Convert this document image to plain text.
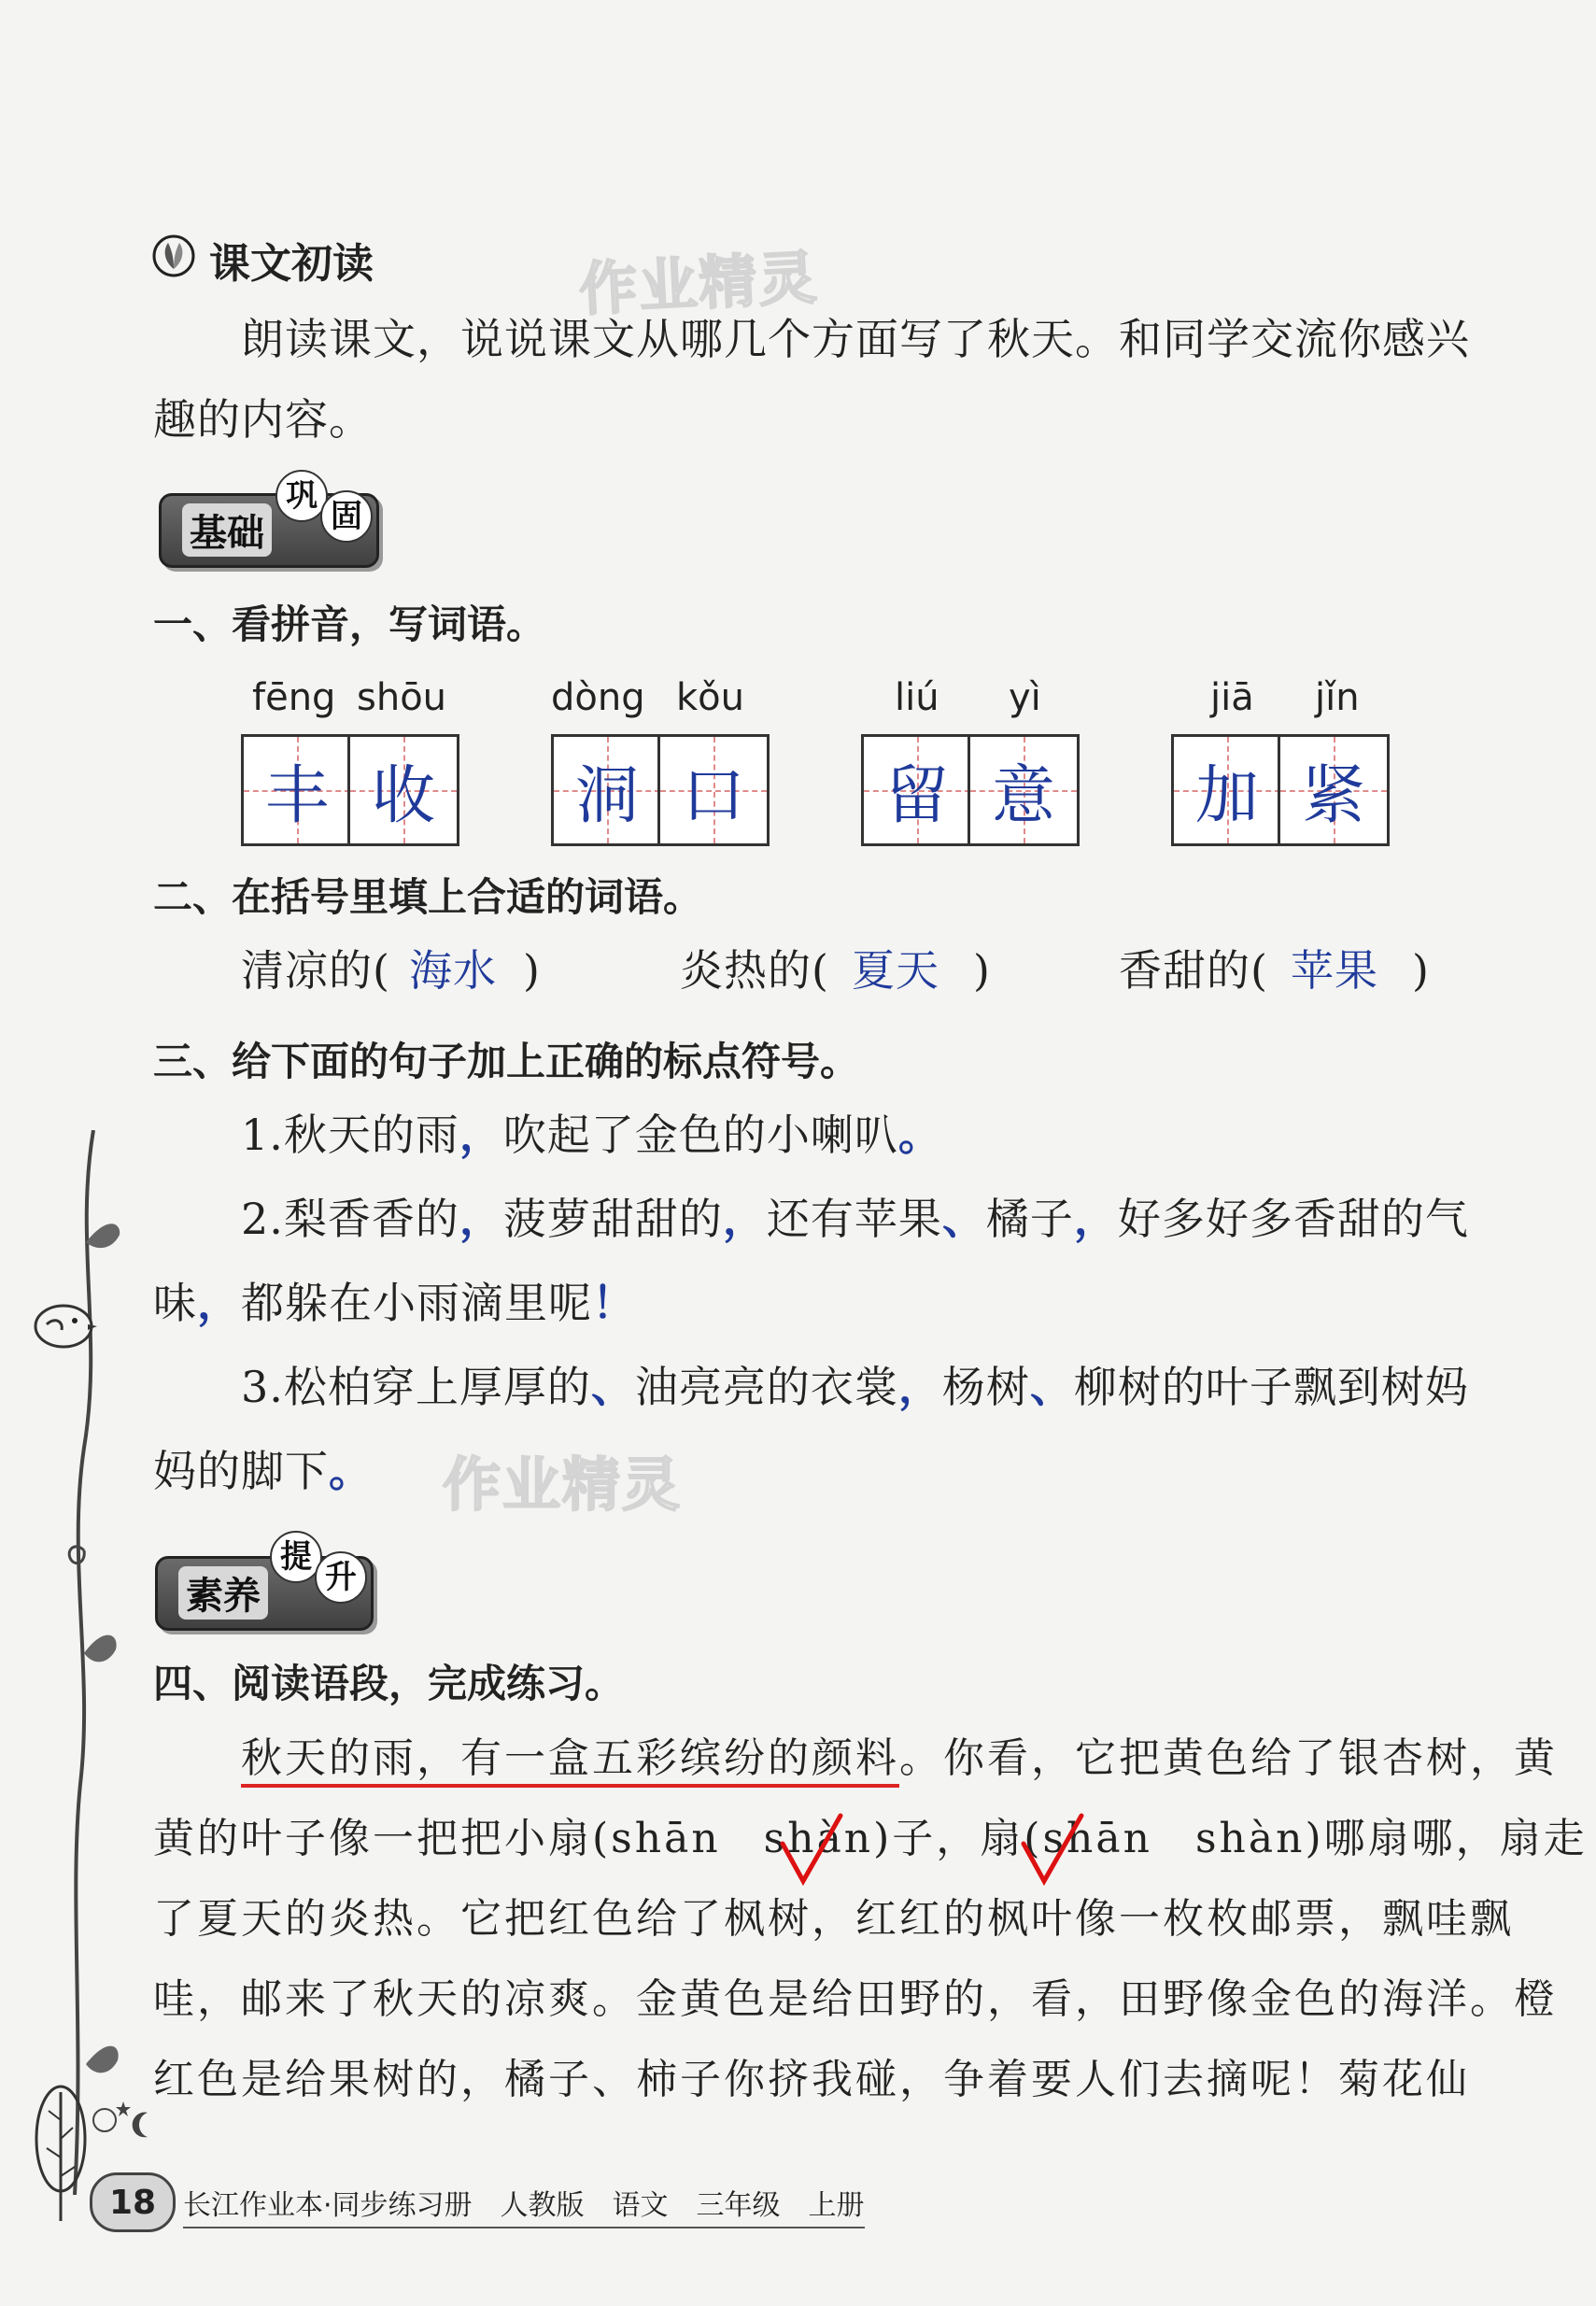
课文初读	作业精灵
朗读课文，说说课文从哪几个方面写了秋天。和同学交流你感兴
趣的内容。
基础
巩
固
一、看拼音，写词语。
fēng shōu
丰 收
dòng kǒu
洞 口
liú yì
留 意
jiā jǐn
加 紧
二、在括号里填上合适的词语。
清凉的( 海水 )	炎热的( 夏天 )	香甜的( 苹果 )
三、给下面的句子加上正确的标点符号。
1.秋天的雨，吹起了金色的小喇叭。
2.梨香香的，菠萝甜甜的，还有苹果、橘子，好多好多香甜的气
味，都躲在小雨滴里呢！
3.松柏穿上厚厚的、油亮亮的衣裳，杨树、柳树的叶子飘到树妈
妈的脚下。 作业精灵
素养
提
升
四、阅读语段，完成练习。
秋天的雨，有一盒五彩缤纷的颜料。你看，它把黄色给了银杏树，黄
黄的叶子像一把把小扇(shān shàn)子，扇(shān shàn)哪扇哪，扇走
了夏天的炎热。它把红色给了枫树，红红的枫叶像一枚枚邮票，飘哇飘
哇，邮来了秋天的凉爽。金黄色是给田野的，看，田野像金色的海洋。橙
红色是给果树的，橘子、柿子你挤我碰，争着要人们去摘呢！菊花仙
18 长江作业本·同步练习册　人教版　语文　三年级　上册
